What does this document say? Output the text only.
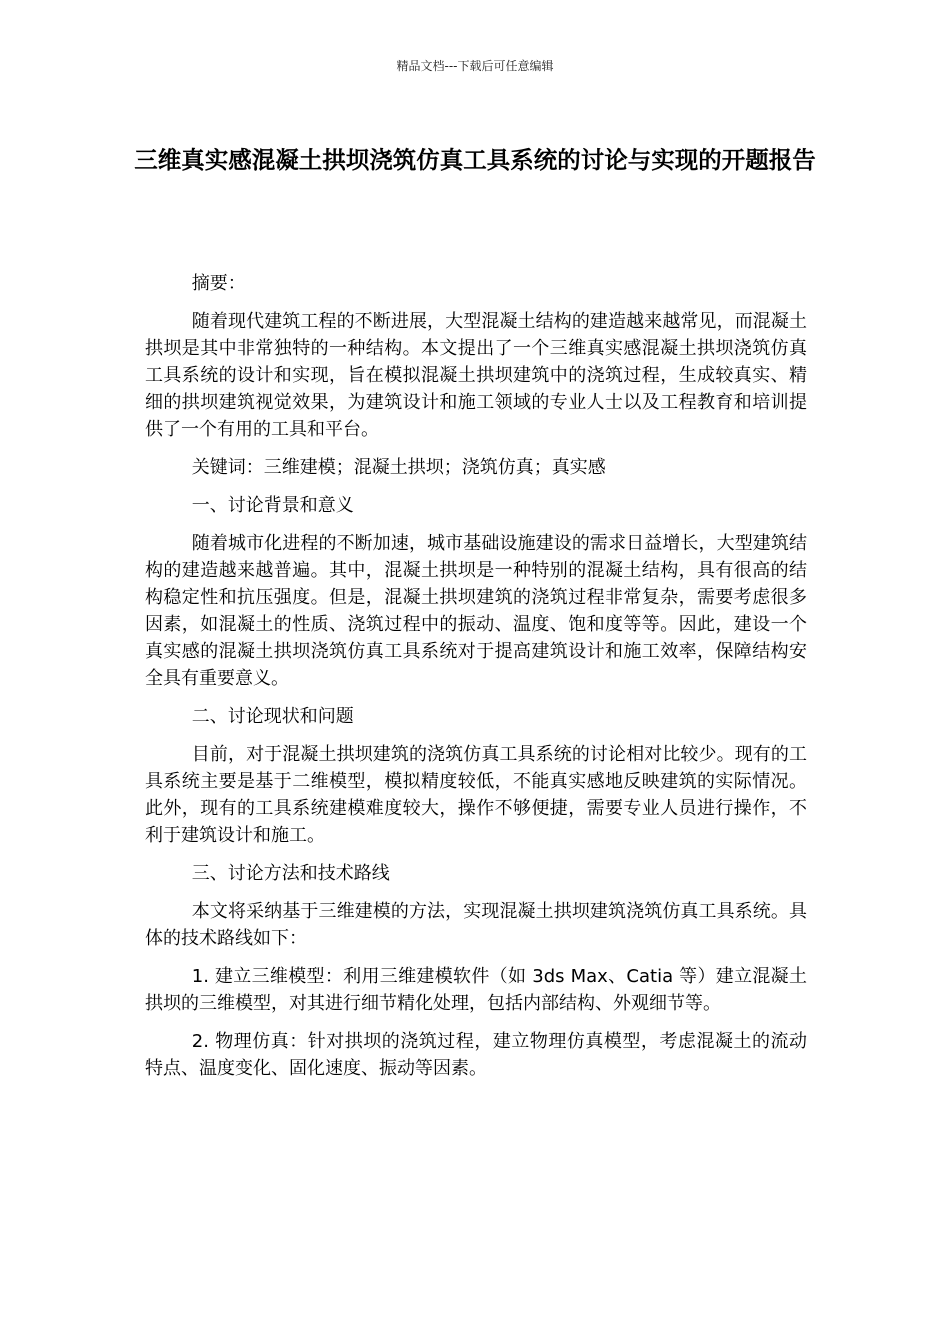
精品文档---下载后可任意编辑
三维真实感混凝土拱坝浇筑仿真工具系统的讨论与实现的开题报告

摘要：

随着现代建筑工程的不断进展，大型混凝土结构的建造越来越常见，而混凝土拱坝是其中非常独特的一种结构。本文提出了一个三维真实感混凝土拱坝浇筑仿真工具系统的设计和实现，旨在模拟混凝土拱坝建筑中的浇筑过程，生成较真实、精细的拱坝建筑视觉效果，为建筑设计和施工领域的专业人士以及工程教育和培训提供了一个有用的工具和平台。

关键词：三维建模；混凝土拱坝；浇筑仿真；真实感

一、讨论背景和意义

随着城市化进程的不断加速，城市基础设施建设的需求日益增长，大型建筑结构的建造越来越普遍。其中，混凝土拱坝是一种特别的混凝土结构，具有很高的结构稳定性和抗压强度。但是，混凝土拱坝建筑的浇筑过程非常复杂，需要考虑很多因素，如混凝土的性质、浇筑过程中的振动、温度、饱和度等等。因此，建设一个真实感的混凝土拱坝浇筑仿真工具系统对于提高建筑设计和施工效率，保障结构安全具有重要意义。

二、讨论现状和问题

目前，对于混凝土拱坝建筑的浇筑仿真工具系统的讨论相对比较少。现有的工具系统主要是基于二维模型，模拟精度较低，不能真实感地反映建筑的实际情况。此外，现有的工具系统建模难度较大，操作不够便捷，需要专业人员进行操作，不利于建筑设计和施工。

三、讨论方法和技术路线

本文将采纳基于三维建模的方法，实现混凝土拱坝建筑浇筑仿真工具系统。具体的技术路线如下：

1. 建立三维模型：利用三维建模软件（如 3ds Max、Catia 等）建立混凝土拱坝的三维模型，对其进行细节精化处理，包括内部结构、外观细节等。

2. 物理仿真：针对拱坝的浇筑过程，建立物理仿真模型，考虑混凝土的流动特点、温度变化、固化速度、振动等因素。
